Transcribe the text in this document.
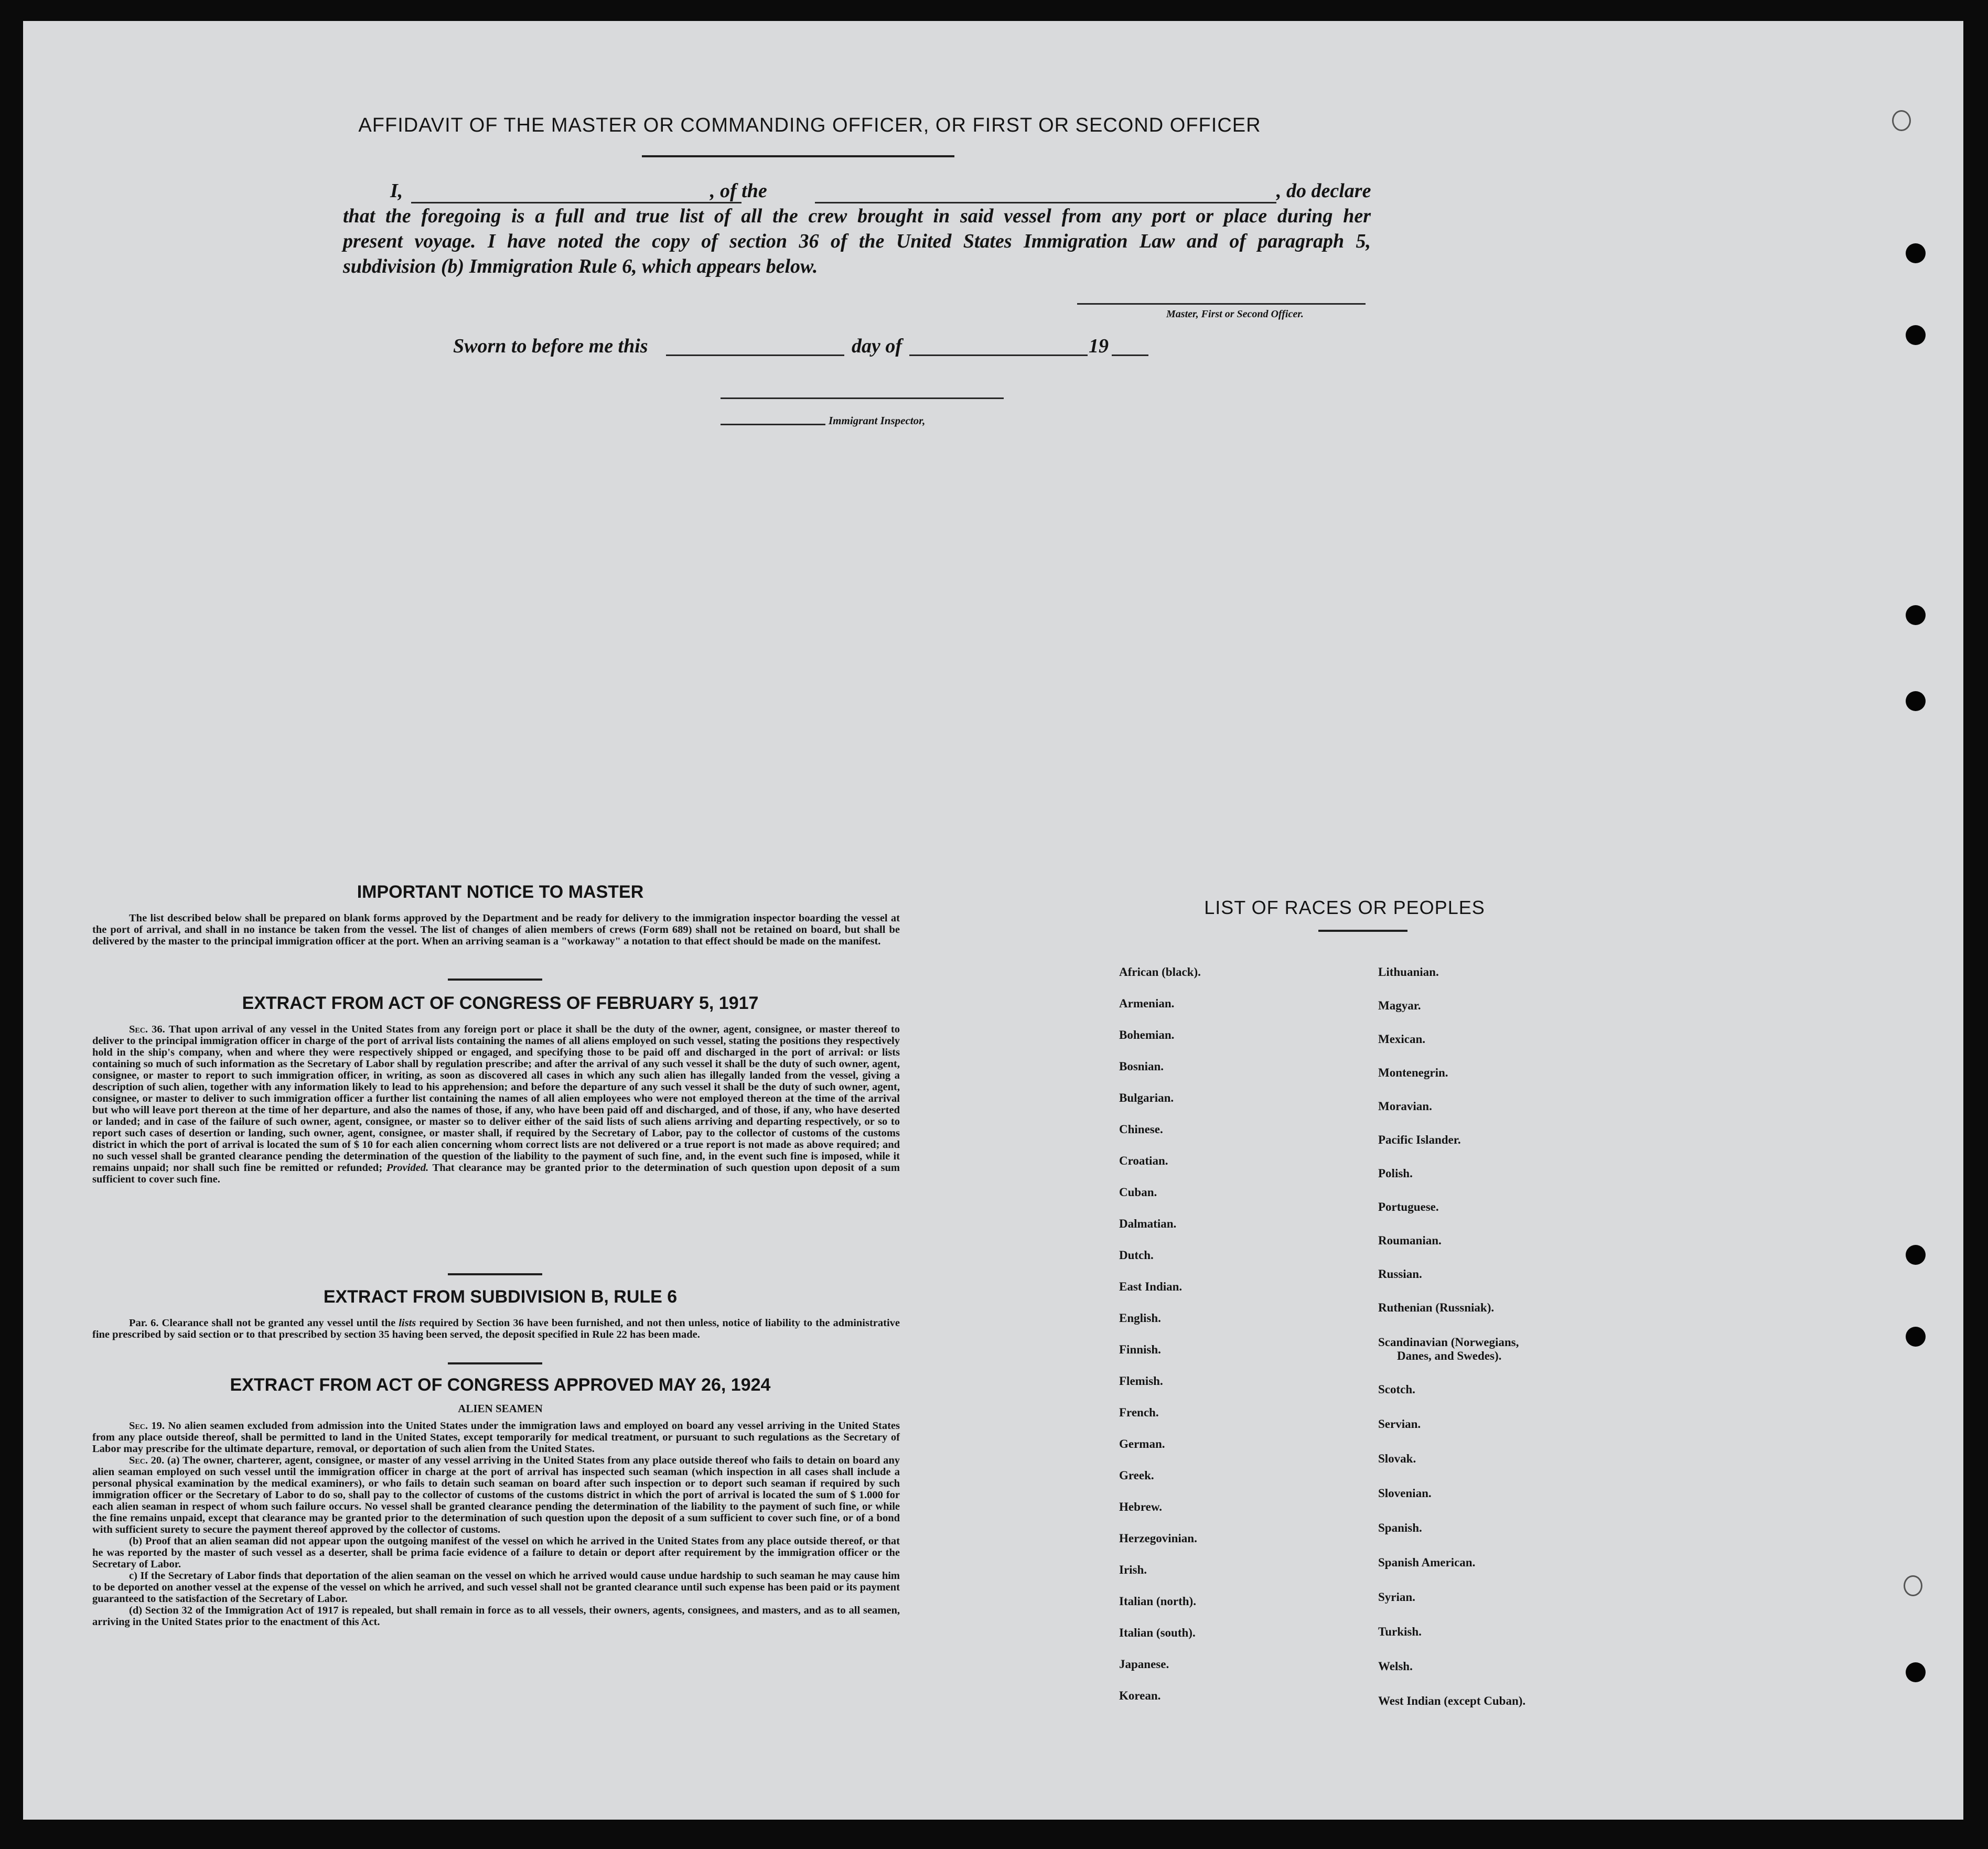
AFFIDAVIT OF THE MASTER OR COMMANDING OFFICER, OR FIRST OR SECOND OFFICER
I,	, of the	, do declare
that the foregoing is a full and true list of all the crew brought in said vessel from any port or place during her
present voyage. I have noted the copy of section 36 of the United States Immigration Law and of paragraph 5,
subdivision (b) Immigration Rule 6, which appears below.
Master, First or Second Officer.
Sworn to before me this	day of	19
Immigrant Inspector,
IMPORTANT NOTICE TO MASTER

The list described below shall be prepared on blank forms approved by the Department and be ready for delivery to the immigration inspector boarding the vessel at the port of arrival, and shall in no instance be taken from the vessel. The list of changes of alien members of crews (Form 689) shall not be retained on board, but shall be delivered by the master to the principal immigration officer at the port. When an arriving seaman is a "workaway" a notation to that effect should be made on the manifest.

EXTRACT FROM ACT OF CONGRESS OF FEBRUARY 5, 1917

Sec. 36. That upon arrival of any vessel in the United States from any foreign port or place it shall be the duty of the owner, agent, consignee, or master thereof to deliver to the principal immigration officer in charge of the port of arrival lists containing the names of all aliens employed on such vessel, stating the positions they respectively hold in the ship's company, when and where they were respectively shipped or engaged, and specifying those to be paid off and discharged in the port of arrival: or lists containing so much of such information as the Secretary of Labor shall by regulation prescribe; and after the arrival of any such vessel it shall be the duty of such owner, agent, consignee, or master to report to such immigration officer, in writing, as soon as discovered all cases in which any such alien has illegally landed from the vessel, giving a description of such alien, together with any information likely to lead to his apprehension; and before the departure of any such vessel it shall be the duty of such owner, agent, consignee, or master to deliver to such immigration officer a further list containing the names of all alien employees who were not employed thereon at the time of the arrival but who will leave port thereon at the time of her departure, and also the names of those, if any, who have been paid off and discharged, and of those, if any, who have deserted or landed; and in case of the failure of such owner, agent, consignee, or master so to deliver either of the said lists of such aliens arriving and departing respectively, or so to report such cases of desertion or landing, such owner, agent, consignee, or master shall, if required by the Secretary of Labor, pay to the collector of customs of the customs district in which the port of arrival is located the sum of $ 10 for each alien concerning whom correct lists are not delivered or a true report is not made as above required; and no such vessel shall be granted clearance pending the determination of the question of the liability to the payment of such fine, and, in the event such fine is imposed, while it remains unpaid; nor shall such fine be remitted or refunded; Provided. That clearance may be granted prior to the determination of such question upon deposit of a sum sufficient to cover such fine.

EXTRACT FROM SUBDIVISION B, RULE 6

Par. 6. Clearance shall not be granted any vessel until the lists required by Section 36 have been furnished, and not then unless, notice of liability to the administrative fine prescribed by said section or to that prescribed by section 35 having been served, the deposit specified in Rule 22 has been made.

EXTRACT FROM ACT OF CONGRESS APPROVED MAY 26, 1924
ALIEN SEAMEN

Sec. 19. No alien seamen excluded from admission into the United States under the immigration laws and employed on board any vessel arriving in the United States from any place outside thereof, shall be permitted to land in the United States, except temporarily for medical treatment, or pursuant to such regulations as the Secretary of Labor may prescribe for the ultimate departure, removal, or deportation of such alien from the United States.

Sec. 20. (a) The owner, charterer, agent, consignee, or master of any vessel arriving in the United States from any place outside thereof who fails to detain on board any alien seaman employed on such vessel until the immigration officer in charge at the port of arrival has inspected such seaman (which inspection in all cases shall include a personal physical examination by the medical examiners), or who fails to detain such seaman on board after such inspection or to deport such seaman if required by such immigration officer or the Secretary of Labor to do so, shall pay to the collector of customs of the customs district in which the port of arrival is located the sum of $ 1.000 for each alien seaman in respect of whom such failure occurs. No vessel shall be granted clearance pending the determination of the liability to the payment of such fine, or while the fine remains unpaid, except that clearance may be granted prior to the determination of such question upon the deposit of a sum sufficient to cover such fine, or of a bond with sufficient surety to secure the payment thereof approved by the collector of customs.

(b) Proof that an alien seaman did not appear upon the outgoing manifest of the vessel on which he arrived in the United States from any place outside thereof, or that he was reported by the master of such vessel as a deserter, shall be prima facie evidence of a failure to detain or deport after requirement by the immigration officer or the Secretary of Labor.

c) If the Secretary of Labor finds that deportation of the alien seaman on the vessel on which he arrived would cause undue hardship to such seaman he may cause him to be deported on another vessel at the expense of the vessel on which he arrived, and such vessel shall not be granted clearance until such expense has been paid or its payment guaranteed to the satisfaction of the Secretary of Labor.

(d) Section 32 of the Immigration Act of 1917 is repealed, but shall remain in force as to all vessels, their owners, agents, consignees, and masters, and as to all seamen, arriving in the United States prior to the enactment of this Act.

LIST OF RACES OR PEOPLES
African (black).
Armenian.
Bohemian.
Bosnian.
Bulgarian.
Chinese.
Croatian.
Cuban.
Dalmatian.
Dutch.
East Indian.
English.
Finnish.
Flemish.
French.
German.
Greek.
Hebrew.
Herzegovinian.
Irish.
Italian (north).
Italian (south).
Japanese.
Korean.
Lithuanian.
Magyar.
Mexican.
Montenegrin.
Moravian.
Pacific Islander.
Polish.
Portuguese.
Roumanian.
Russian.
Ruthenian (Russniak).
Scandinavian (Norwegians,
Danes, and Swedes).
Scotch.
Servian.
Slovak.
Slovenian.
Spanish.
Spanish American.
Syrian.
Turkish.
Welsh.
West Indian (except Cuban).
